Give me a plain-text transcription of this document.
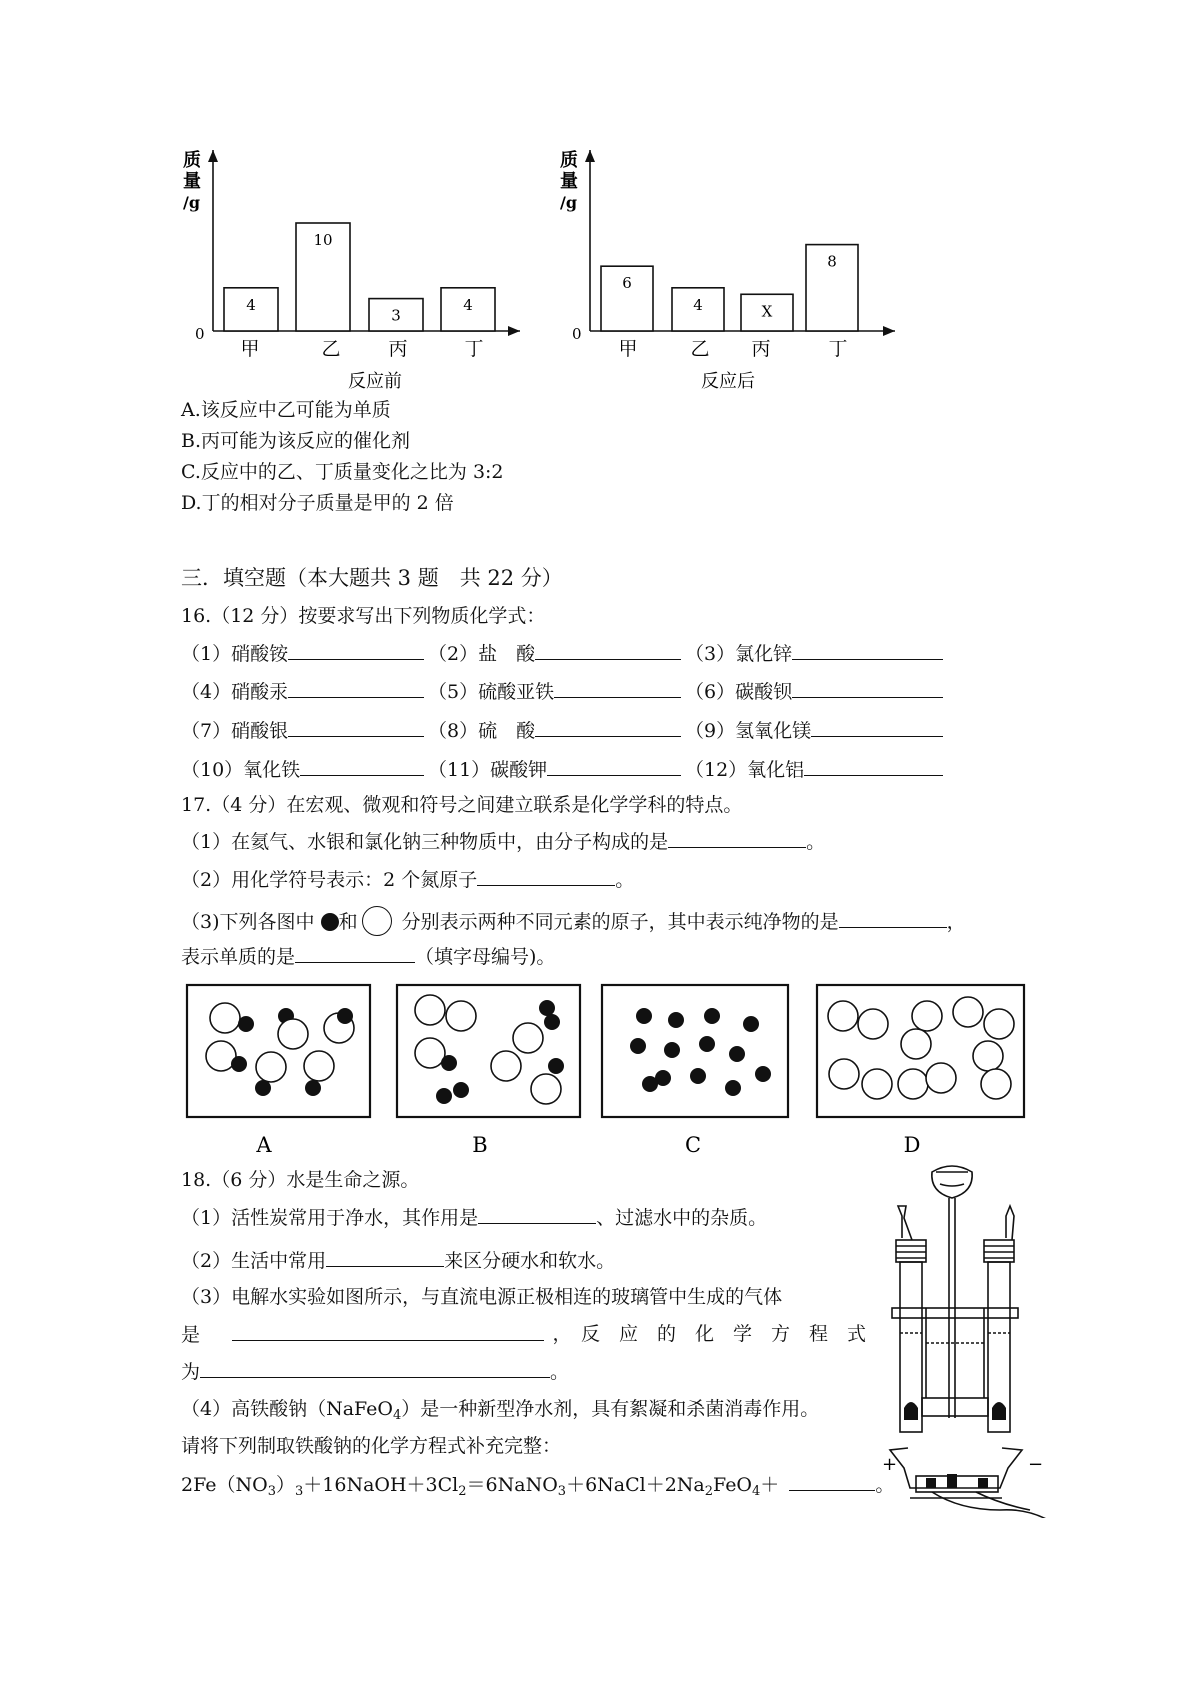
质
量
/g
0
4
甲
10
乙
3
丙
4
丁
反应前
质
量
/g
0
6
甲
4
乙
X
丙
8
丁
反应后
A.该反应中乙可能为单质
B.丙可能为该反应的催化剂
C.反应中的乙、丁质量变化之比为 3:2
D.丁的相对分子质量是甲的 2 倍
三．填空题（本大题共 3 题　共 22 分）
16.（12 分）按要求写出下列物质化学式：
（1）硝酸铵	（2）盐　酸	（3）氯化锌
（4）硝酸汞	（5）硫酸亚铁	（6）碳酸钡
（7）硝酸银	（8）硫　酸	（9）氢氧化镁
（10）氧化铁	（11）碳酸钾	（12）氧化铝
17.（4 分）在宏观、微观和符号之间建立联系是化学学科的特点。
（1）在氦气、水银和氯化钠三种物质中，由分子构成的是	。
（2）用化学符号表示：2 个氮原子	。
（3)下列各图中 和 分别表示两种不同元素的原子，其中表示纯净物的是	，
表示单质的是	（填字母编号)。
A	B	C	D
18.（6 分）水是生命之源。
（1）活性炭常用于净水，其作用是	、过滤水中的杂质。
（2）生活中常用	来区分硬水和软水。
（3）电解水实验如图所示，与直流电源正极相连的玻璃管中生成的气体
是	，　反　应　的　化　学　方　程　式
为	。
（4）高铁酸钠（NaFeO$_4$）是一种新型净水剂，具有絮凝和杀菌消毒作用。
请将下列制取铁酸钠的化学方程式补充完整：
$2Fe(NO_3)_3+16NaOH+3Cl_2=6NaNO_3+6NaCl+2Na_2FeO_4+$	。
+	−
